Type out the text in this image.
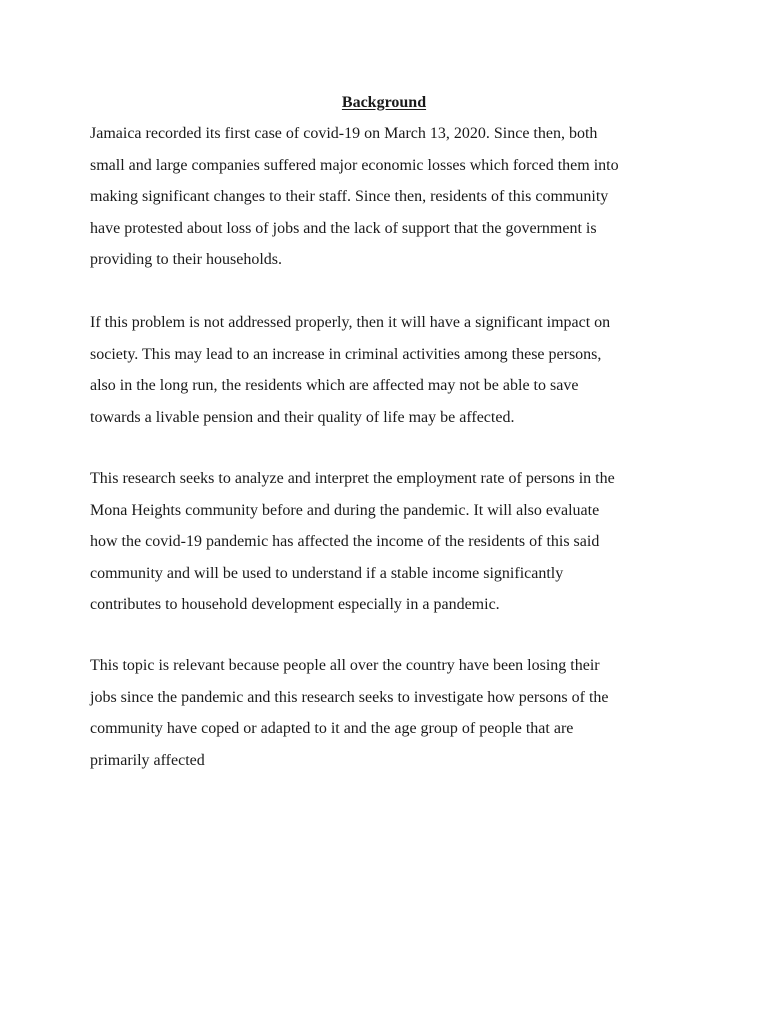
Background

Jamaica recorded its first case of covid-19 on March 13, 2020. Since then, both
small and large companies suffered major economic losses which forced them into
making significant changes to their staff. Since then, residents of this community
have protested about loss of jobs and the lack of support that the government is
providing to their households.

If this problem is not addressed properly, then it will have a significant impact on
society. This may lead to an increase in criminal activities among these persons,
also in the long run, the residents which are affected may not be able to save
towards a livable pension and their quality of life may be affected.

This research seeks to analyze and interpret the employment rate of persons in the
Mona Heights community before and during the pandemic. It will also evaluate
how the covid-19 pandemic has affected the income of the residents of this said
community and will be used to understand if a stable income significantly
contributes to household development especially in a pandemic.

This topic is relevant because people all over the country have been losing their
jobs since the pandemic and this research seeks to investigate how persons of the
community have coped or adapted to it and the age group of people that are
primarily affected
